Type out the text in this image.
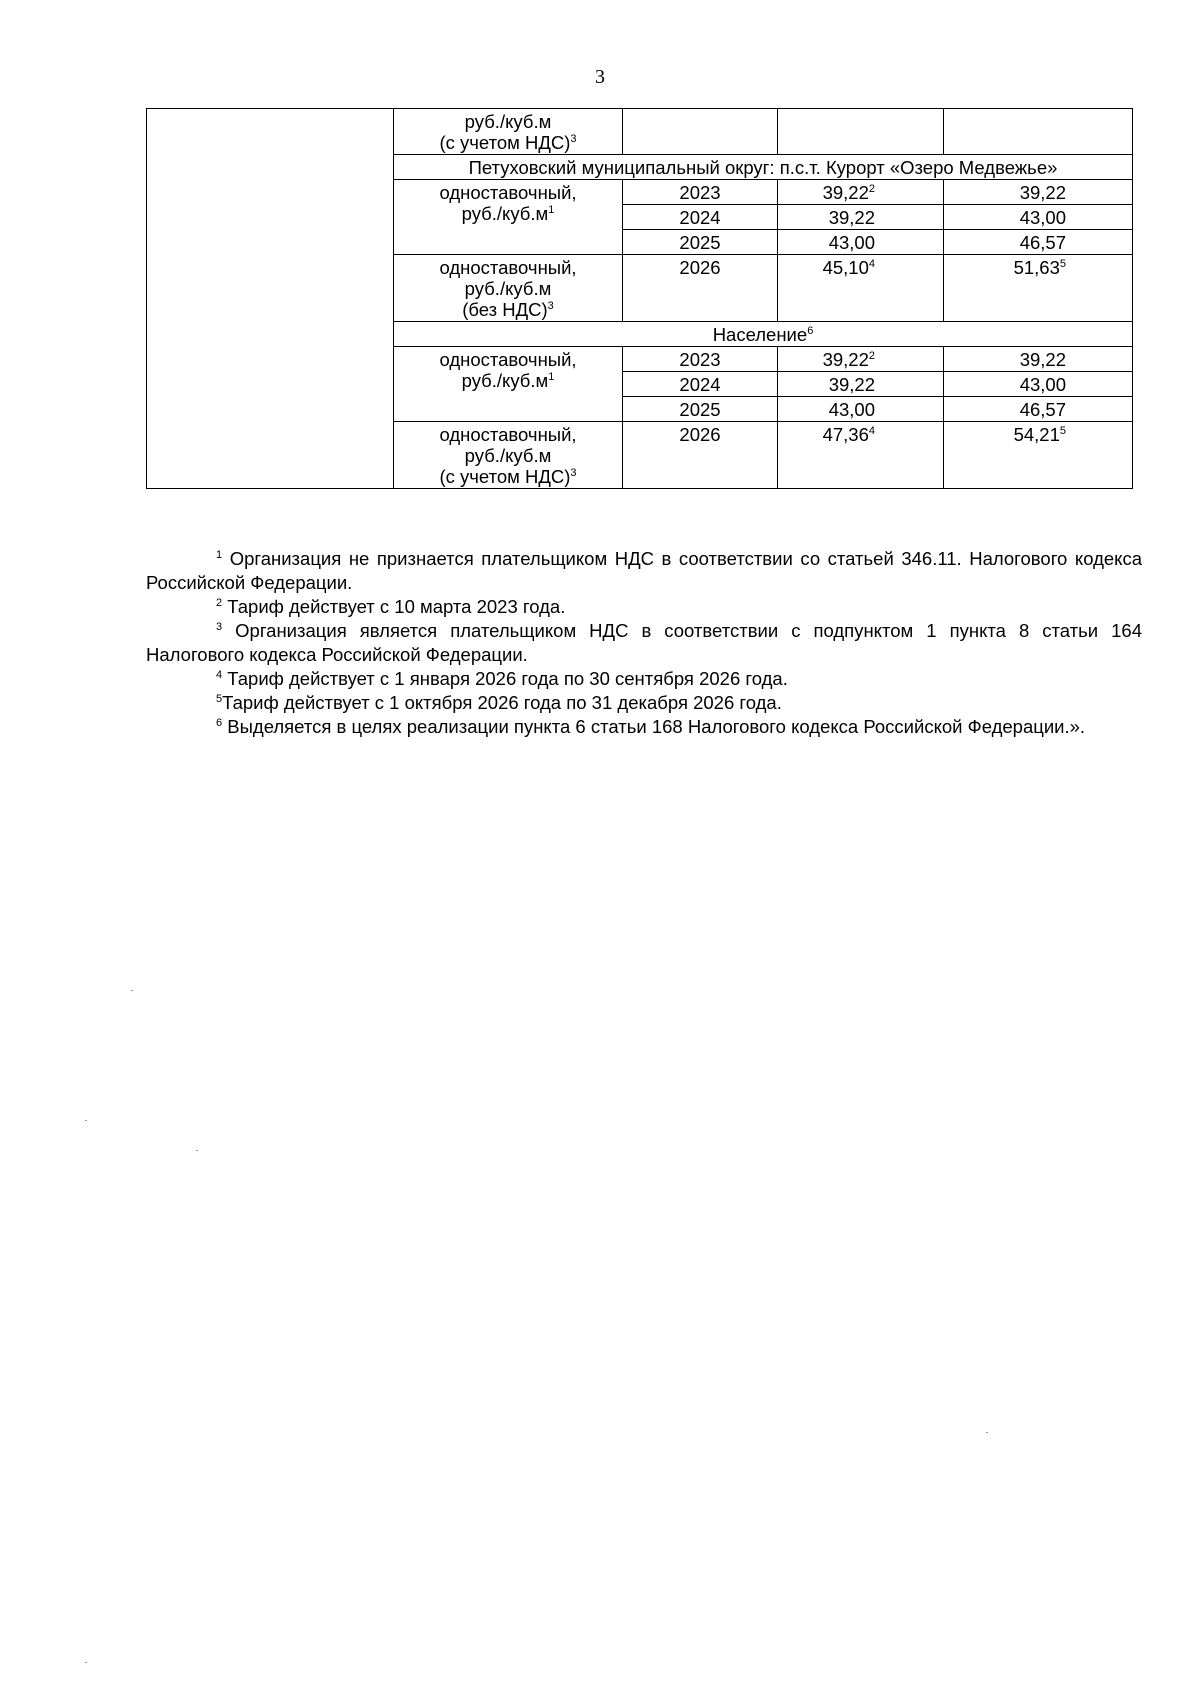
3

	руб./куб.м
(с учетом НДС)$^3$

	Петуховский муниципальный округ: п.с.т. Курорт «Озеро Медвежье»			

	одноставочный,
$руб./куб.м^1$	2023	39,22$^2$	39,22
		2024	39,22	43,00
		2025	43,00	46,57

	одноставочный,
руб./куб.м
(без НДС)$^3$	2026	45,10$^4$	51,63$^5$
	Население$^6$

	одноставочный,
$руб./куб.м^1$	2023	39,22$^2$	39,22
		2024	39,22	43,00
		2025	43,00	46,57

	одноставочный,
руб./куб.м
(с учетом НДС)$^3$	2026	47,36$^4$	54,21$^5$

$^1$ Организация не признается плательщиком НДС в соответствии со статьей 346.11. Налогового кодекса Российской Федерации.

$^2$ Тариф действует с 10 марта 2023 года.

$^3$ Организация является плательщиком НДС в соответствии с подпунктом 1 пункта 8 статьи 164 Налогового кодекса Российской Федерации.

$^4$ Тариф действует с 1 января 2026 года по 30 сентября 2026 года.

$^5$Тариф действует с 1 октября 2026 года по 31 декабря 2026 года.

$^6$ Выделяется в целях реализации пункта 6 статьи 168 Налогового кодекса Российской Федерации.».
